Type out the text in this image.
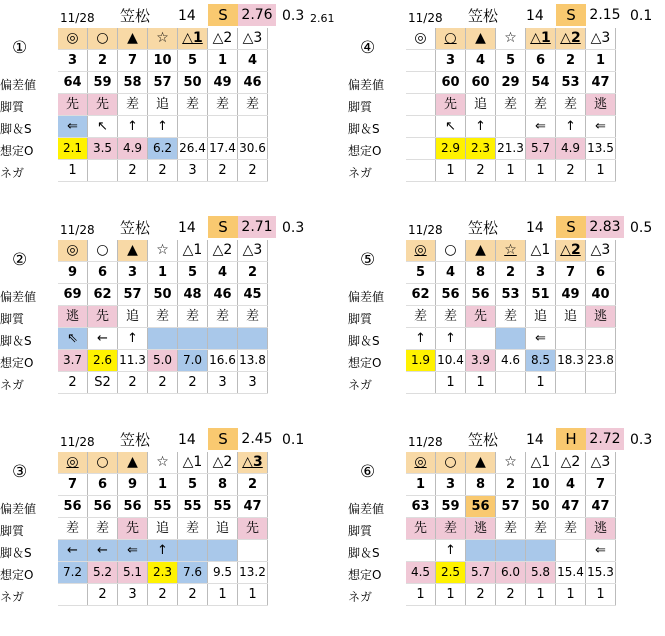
11/28 笠松 14	S 2.76 0.3 2.61
①
偏差値
脚質
脚＆S
想定O
ネガ
◎	○	▲	☆	△1	△2	△3
3	2	7	10	5	1	4
64	59	58	57	50	49	46
先	先	差	追	差	差	差
⇐	↖	↑	↑			
2.1	3.5	4.9	6.2	26.4	17.4	30.6
1		2	2	3	2	2
11/28 笠松 14	S 2.15 0.1
④
偏差値
脚質
脚＆S
想定O
ネガ
◎	○	▲	☆	△1	△2	△3
	3	4	5	6	2	1
	60	60	29	54	53	47
	先	追	差	差	差	逃
	↖	↑		⇐	↑	⇐
	2.9	2.3	21.3	5.7	4.9	13.5
	1	2	1	1	2	1
11/28 笠松 14	S 2.71 0.3
②
偏差値
脚質
脚＆S
想定O
ネガ
◎	○	▲	☆	△1	△2	△3
9	6	3	1	5	4	2
69	62	57	50	48	46	45
逃	先	追	差	差	差	差
⇖	←	↑				
3.7	2.6	11.3	5.0	7.0	16.6	13.8
2	S2	2	2	2	3	3
11/28 笠松 14	S 2.83 0.5
⑤
偏差値
脚質
脚＆S
想定O
ネガ
◎	○	▲	☆	△1	△2	△3
5	4	8	2	3	7	6
62	56	56	53	51	49	40
差	差	先	差	追	追	逃
↑	↑			⇐		
1.9	10.4	3.9	4.6	8.5	18.3	23.8
	1	1		1		
11/28 笠松 14	S 2.45 0.1
③
偏差値
脚質
脚＆S
想定O
ネガ
◎	○	▲	☆	△1	△2	△3
7	6	9	1	5	8	2
56	56	56	55	55	55	47
差	差	先	追	差	追	先
←	←	⇐	↑			
7.2	5.2	5.1	2.3	7.6	9.5	13.2
	2	3	2	2	1	1
11/28 笠松 14	H 2.72 0.3
⑥
偏差値
脚質
脚＆S
想定O
ネガ
◎	○	▲	☆	△1	△2	△3
1	3	8	2	10	4	7
63	59	56	57	50	47	47
先	差	逃	差	差	差	逃
	↑					⇐
4.5	2.5	5.7	6.0	5.8	15.4	15.3
1	1	2	2	1	1	1
